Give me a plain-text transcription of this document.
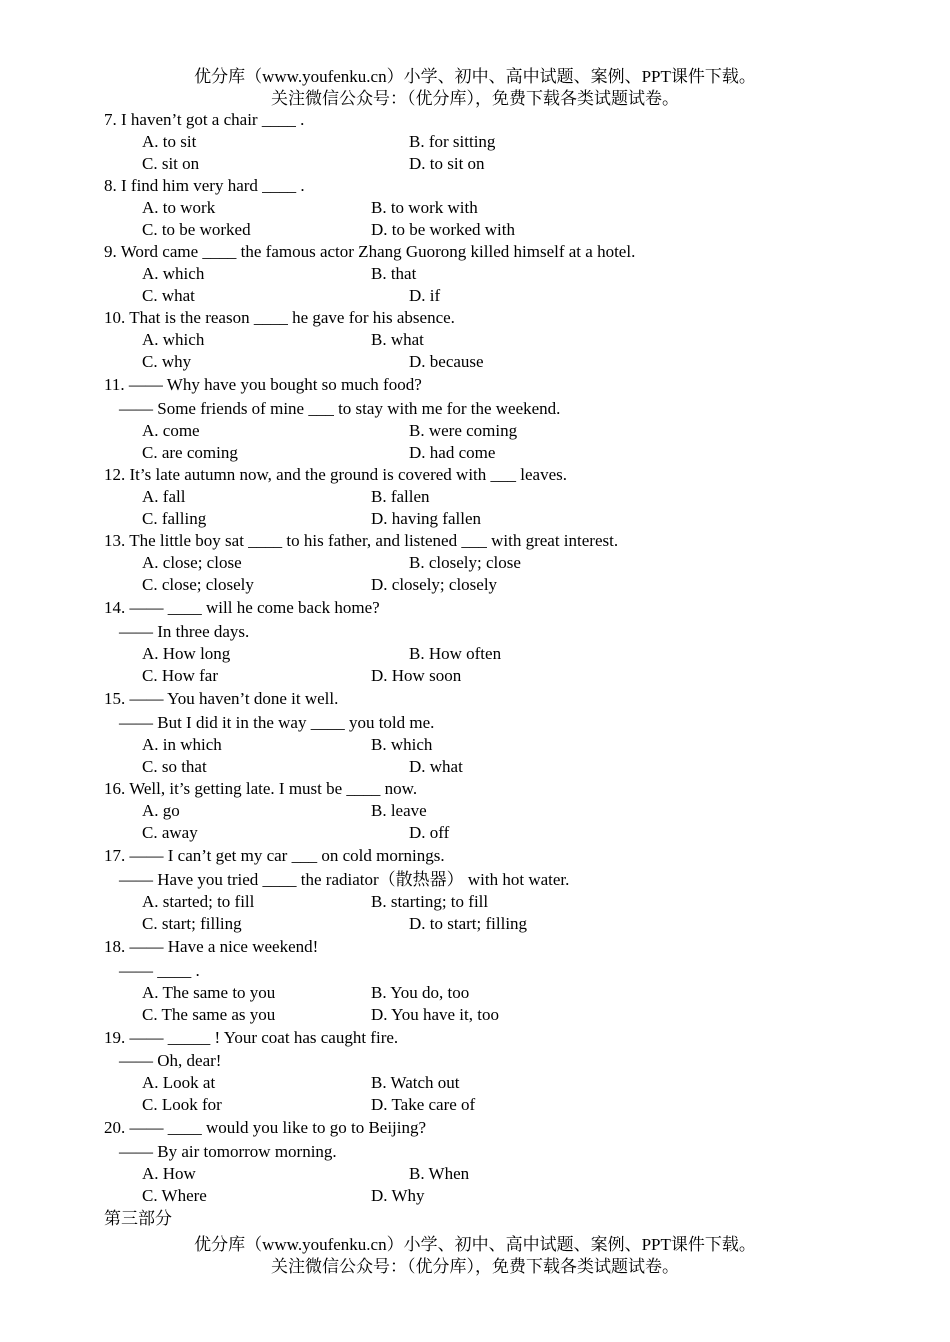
优分库（www.youfenku.cn）小学、初中、高中试题、案例、PPT课件下载。
关注微信公众号：（优分库），免费下载各类试题试卷。
7. I haven’t got a chair ____ .
A. to sit	B. for sitting
C. sit on	D. to sit on
8. I find him very hard ____ .
A. to work	B. to work with
C. to be worked	D. to be worked with
9. Word came ____ the famous actor Zhang Guorong killed himself at a hotel.
A. which	B. that
C. what	D. if
10. That is the reason ____ he gave for his absence.
A. which	B. what
C. why	D. because
11. —— Why have you bought so much food?
—— Some friends of mine ___ to stay with me for the weekend.
A. come	B. were coming
C. are coming	D. had come
12. It’s late autumn now, and the ground is covered with ___ leaves.
A. fall	B. fallen
C. falling	D. having fallen
13. The little boy sat ____ to his father, and listened ___ with great interest.
A. close; close	B. closely; close
C. close; closely	D. closely; closely
14. —— ____ will he come back home?
—— In three days.
A. How long	B. How often
C. How far	D. How soon
15. —— You haven’t done it well.
—— But I did it in the way ____ you told me.
A. in which	B. which
C. so that	D. what
16. Well, it’s getting late. I must be ____ now.
A. go	B. leave
C. away	D. off
17. —— I can’t get my car ___ on cold mornings.
—— Have you tried ____ the radiator（散热器） with hot water.
A. started; to fill	B. starting; to fill
C. start; filling	D. to start; filling
18. —— Have a nice weekend!
—— ____ .
A. The same to you	B. You do, too
C. The same as you	D. You have it, too
19. —— _____ ! Your coat has caught fire.
—— Oh, dear!
A. Look at	B. Watch out
C. Look for	D. Take care of
20. —— ____ would you like to go to Beijing?
—— By air tomorrow morning.
A. How	B. When
C. Where	D. Why
第三部分
优分库（www.youfenku.cn）小学、初中、高中试题、案例、PPT课件下载。
关注微信公众号：（优分库），免费下载各类试题试卷。
